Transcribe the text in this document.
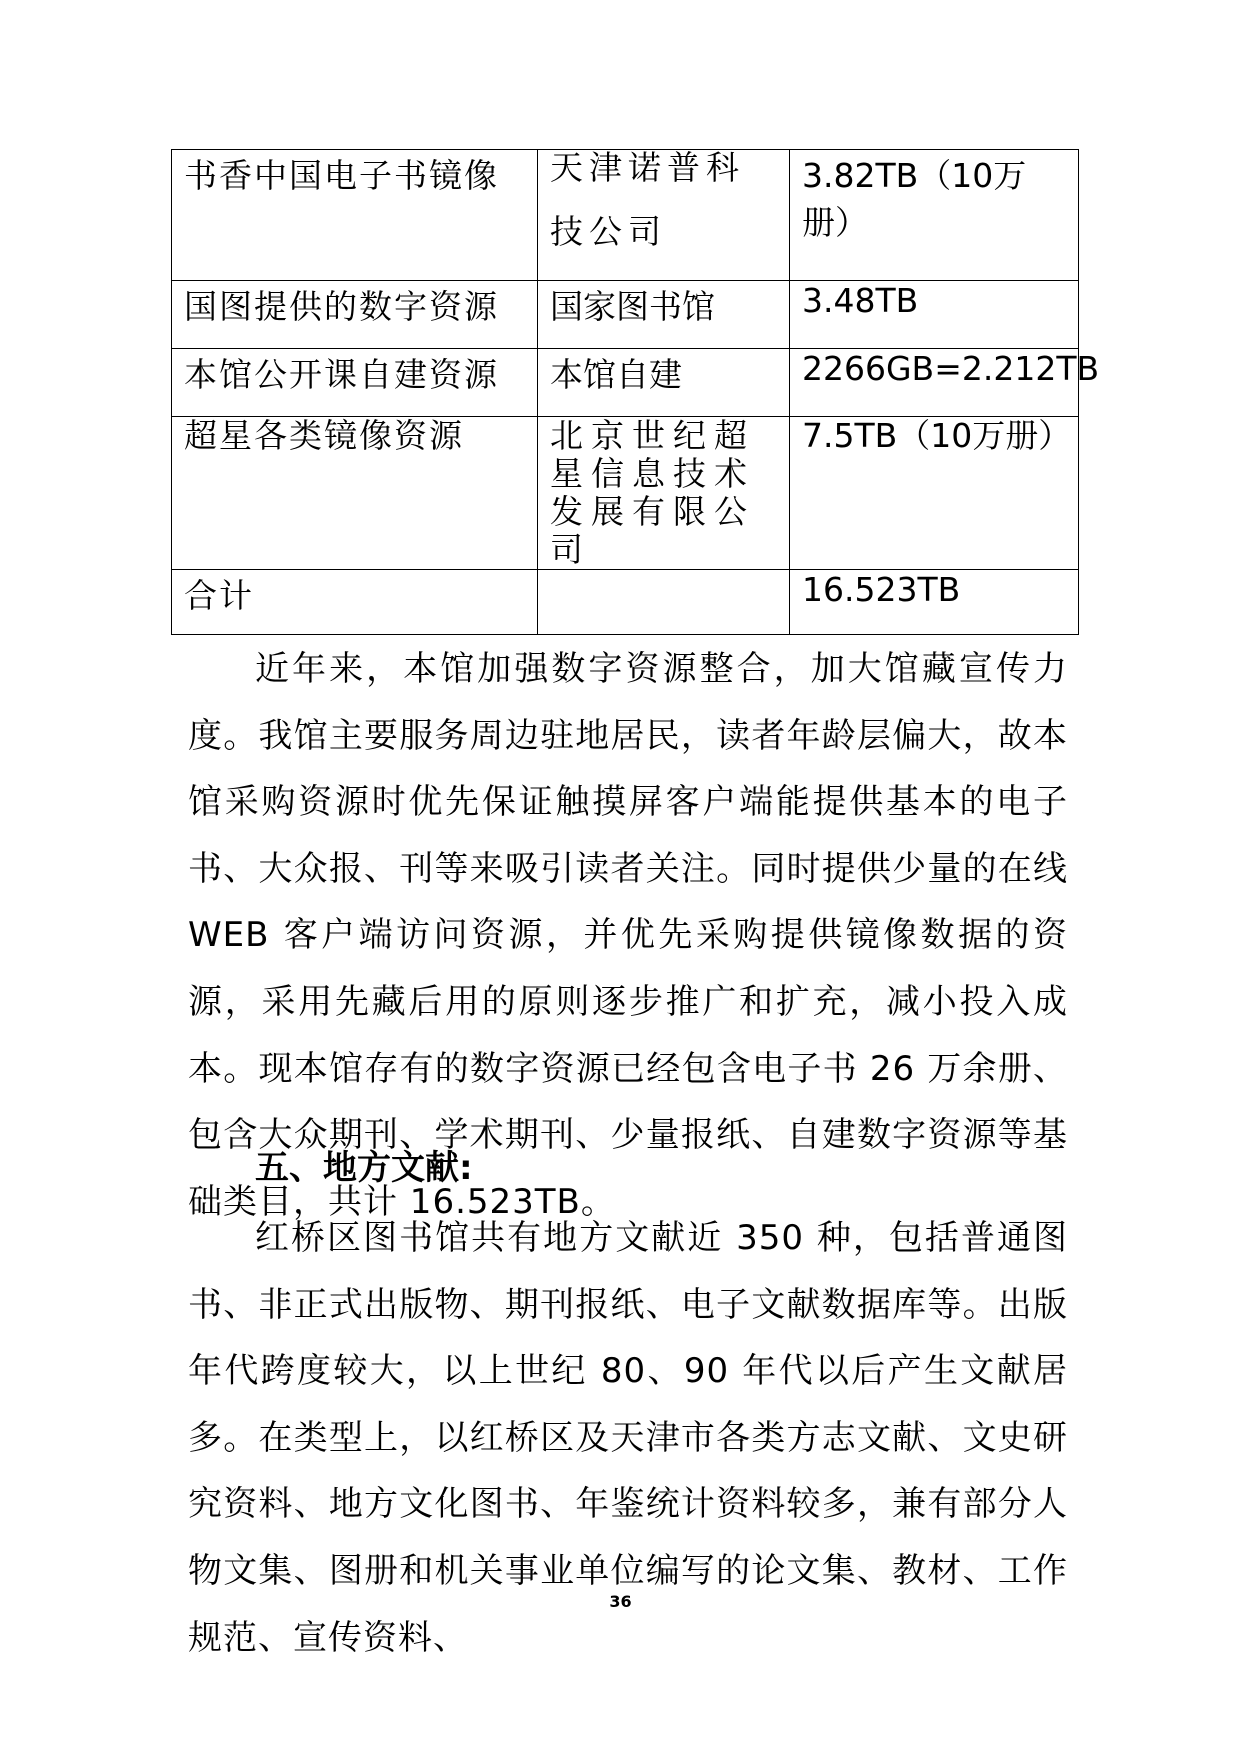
书香中国电子书镜像	天津诺普科技公司	3.82TB（10万册）

国图提供的数字资源	国家图书馆	3.48TB

本馆公开课自建资源	本馆自建	2266GB=2.212TB

超星各类镜像资源	北京世纪超星信息技术发展有限公司	7.5TB（10万册）

合计		16.523TB

近年来，本馆加强数字资源整合，加大馆藏宣传力度。我馆主要服务周边驻地居民，读者年龄层偏大，故本馆采购资源时优先保证触摸屏客户端能提供基本的电子书、大众报、刊等来吸引读者关注。同时提供少量的在线 WEB 客户端访问资源，并优先采购提供镜像数据的资源，采用先藏后用的原则逐步推广和扩充，减小投入成本。现本馆存有的数字资源已经包含电子书 26 万余册、包含大众期刊、学术期刊、少量报纸、自建数字资源等基础类目，共计 16.523TB。

五、地方文献:

红桥区图书馆共有地方文献近 350 种，包括普通图书、非正式出版物、期刊报纸、电子文献数据库等。出版年代跨度较大，以上世纪 80、90 年代以后产生文献居多。在类型上，以红桥区及天津市各类方志文献、文史研究资料、地方文化图书、年鉴统计资料较多，兼有部分人物文集、图册和机关事业单位编写的论文集、教材、工作规范、宣传资料、

36
